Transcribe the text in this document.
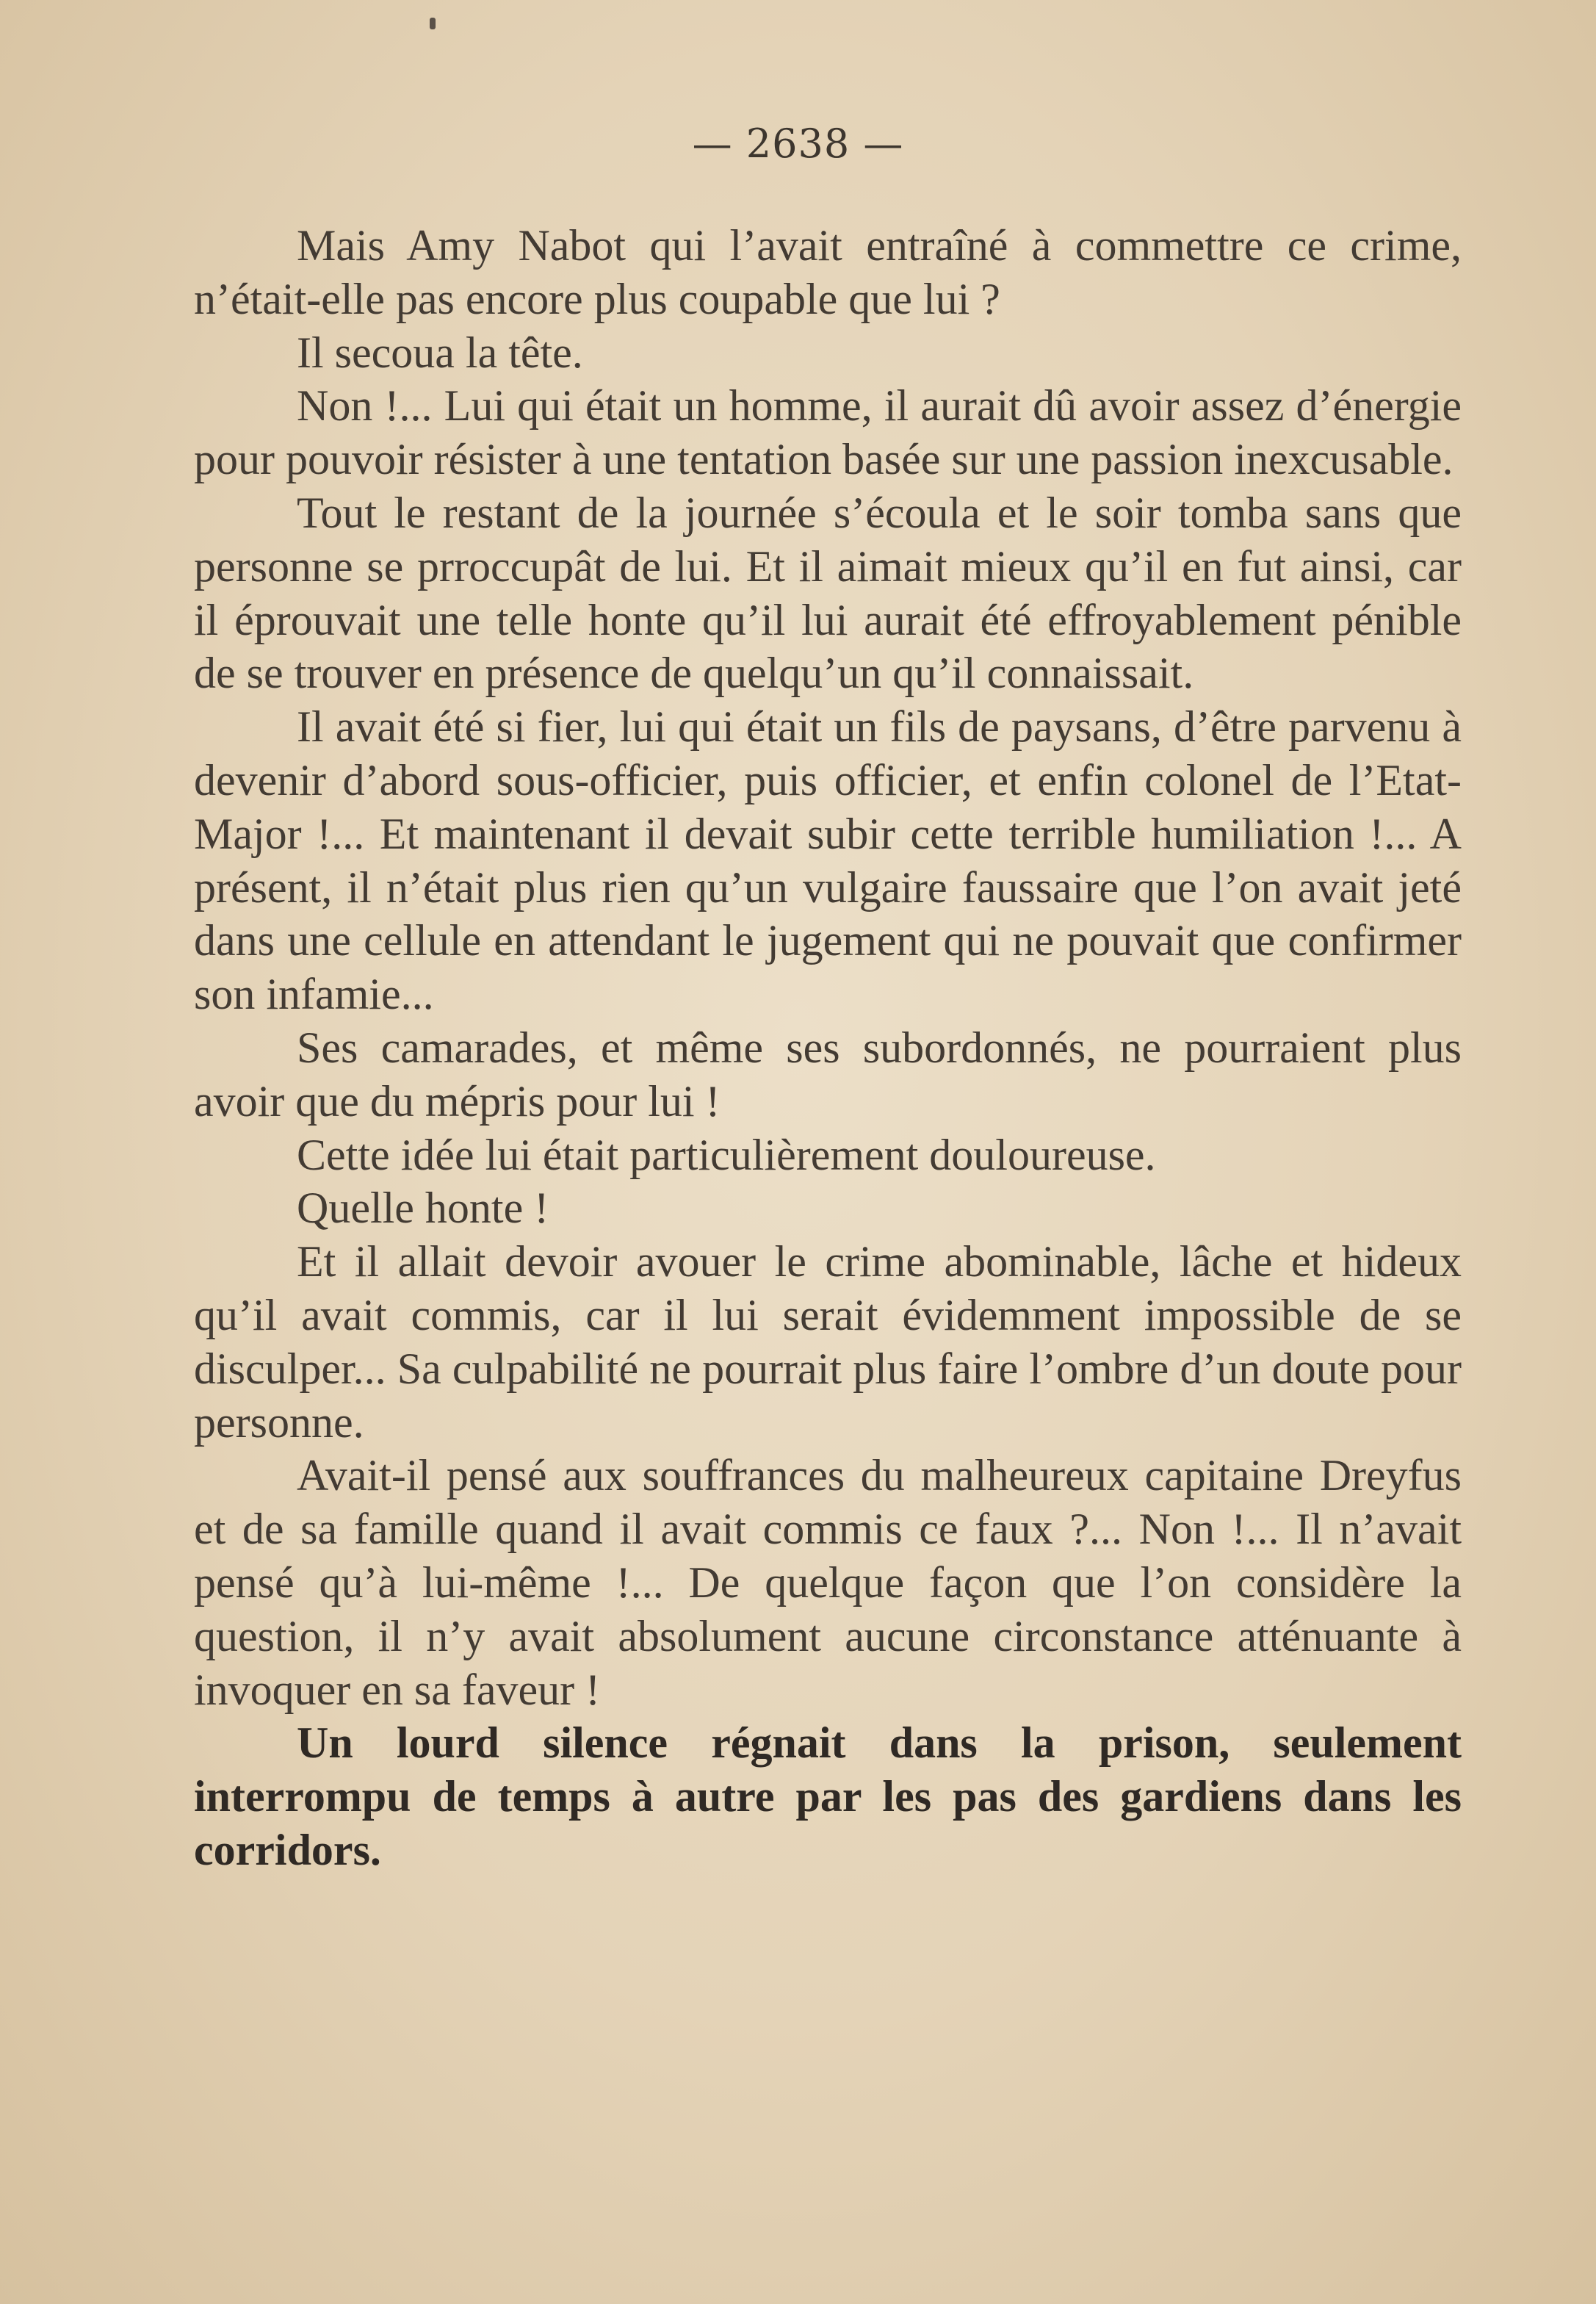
— 2638 —

Mais Amy Nabot qui l’avait entraîné à commettre ce crime, n’était-elle pas encore plus coupable que lui ?

Il secoua la tête.

Non !... Lui qui était un homme, il aurait dû avoir assez d’énergie pour pouvoir résister à une tentation basée sur une passion inexcusable.

Tout le restant de la journée s’écoula et le soir tomba sans que personne se prroccupât de lui. Et il aimait mieux qu’il en fut ainsi, car il éprouvait une telle honte qu’il lui aurait été effroyablement pénible de se trouver en présence de quelqu’un qu’il connaissait.

Il avait été si fier, lui qui était un fils de paysans, d’être parvenu à devenir d’abord sous-officier, puis officier, et enfin colonel de l’Etat-Major !... Et maintenant il devait subir cette terrible humiliation !... A présent, il n’était plus rien qu’un vulgaire faussaire que l’on avait jeté dans une cellule en attendant le jugement qui ne pouvait que confirmer son infamie...

Ses camarades, et même ses subordonnés, ne pourraient plus avoir que du mépris pour lui !

Cette idée lui était particulièrement douloureuse.

Quelle honte !

Et il allait devoir avouer le crime abominable, lâche et hideux qu’il avait commis, car il lui serait évidemment impossible de se disculper... Sa culpabilité ne pourrait plus faire l’ombre d’un doute pour personne.

Avait-il pensé aux souffrances du malheureux capitaine Dreyfus et de sa famille quand il avait commis ce faux ?... Non !... Il n’avait pensé qu’à lui-même !... De quelque façon que l’on considère la question, il n’y avait absolument aucune circonstance atténuante à invoquer en sa faveur !

Un lourd silence régnait dans la prison, seulement interrompu de temps à autre par les pas des gardiens dans les corridors.
